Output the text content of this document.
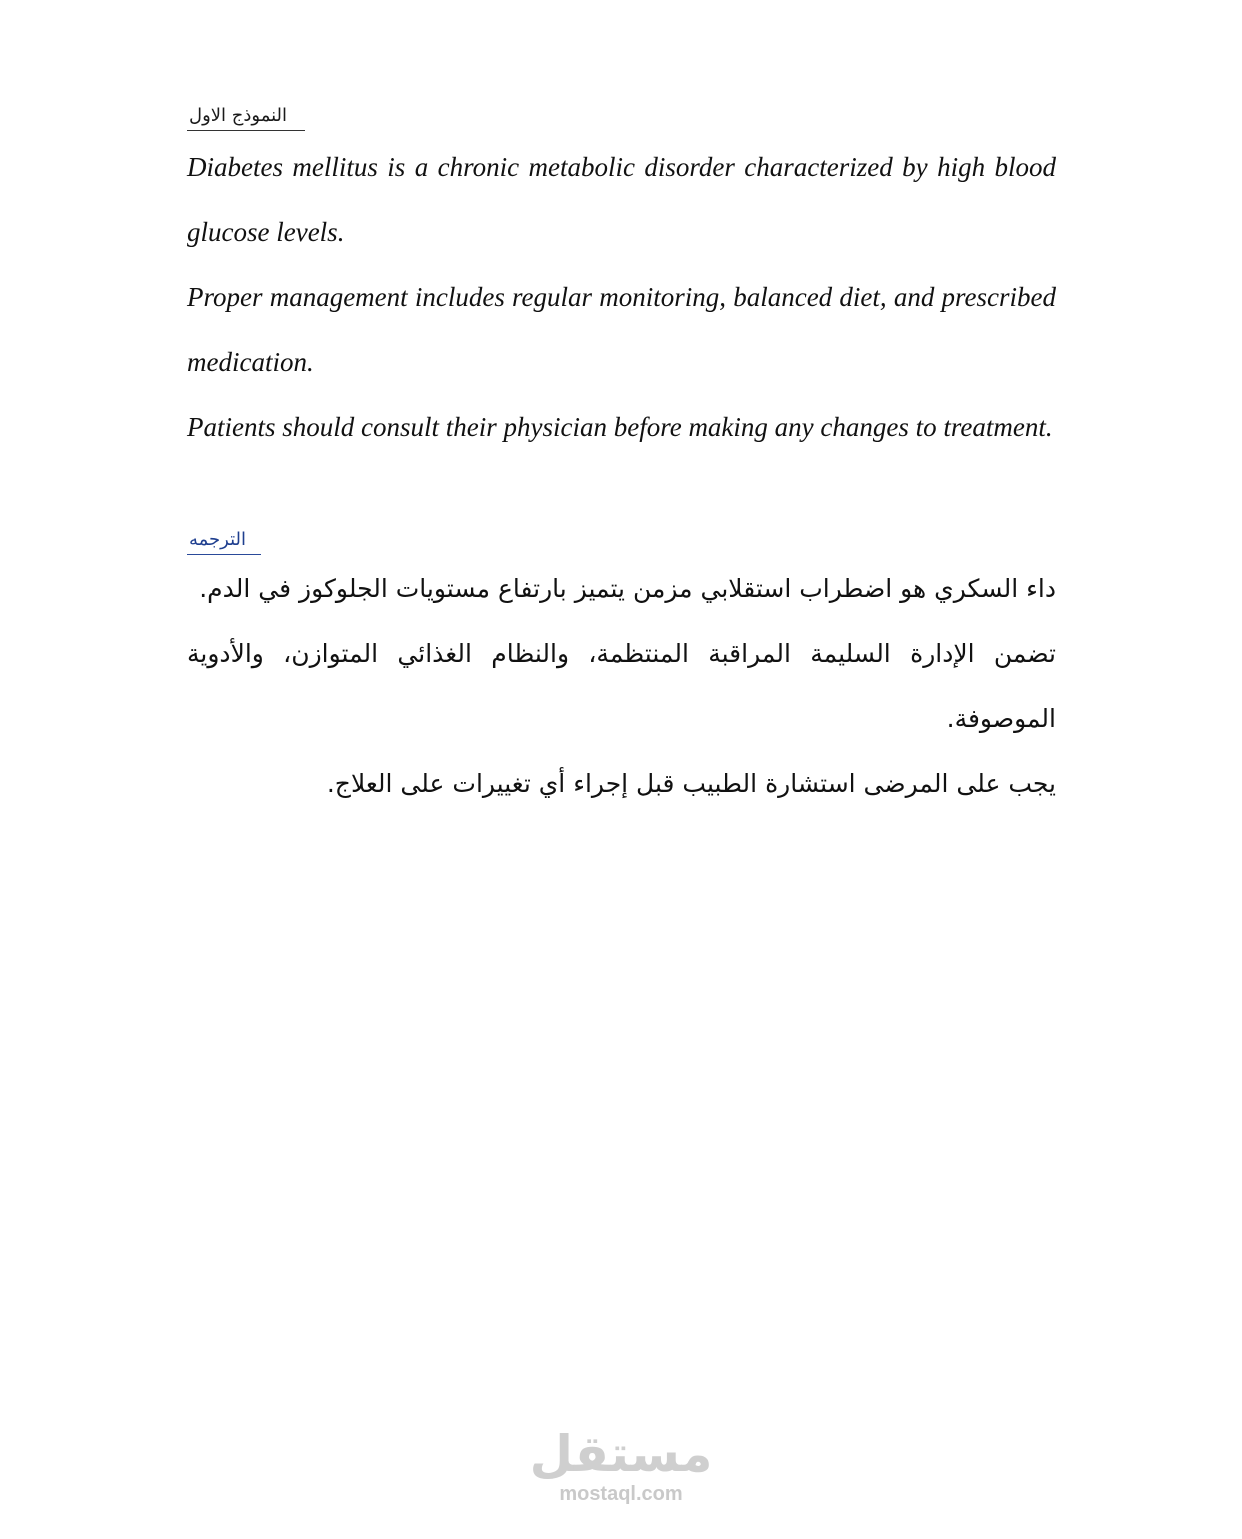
النموذج الاول

Diabetes mellitus is a chronic metabolic disorder characterized by high blood glucose levels.

Proper management includes regular monitoring, balanced diet, and prescribed medication.

Patients should consult their physician before making any changes to treatment.

الترجمه

داء السكري هو اضطراب استقلابي مزمن يتميز بارتفاع مستويات الجلوكوز في الدم.

تضمن الإدارة السليمة المراقبة المنتظمة، والنظام الغذائي المتوازن، والأدوية الموصوفة.

يجب على المرضى استشارة الطبيب قبل إجراء أي تغييرات على العلاج.

مستقل
mostaql.com
